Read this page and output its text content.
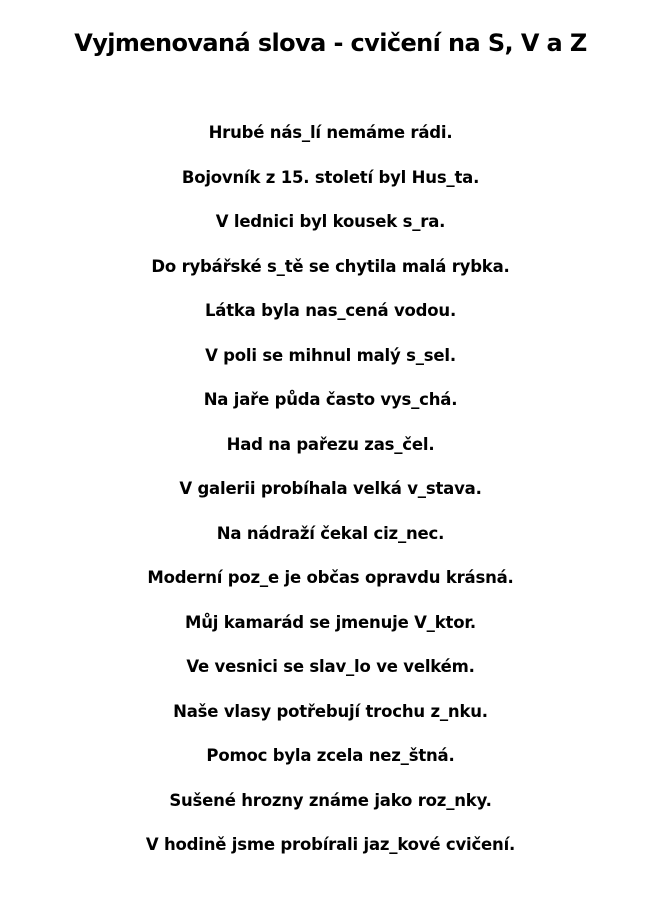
Vyjmenovaná slova - cvičení na S, V a Z
Hrubé nás_lí nemáme rádi.
Bojovník z 15. století byl Hus_ta.
V lednici byl kousek s_ra.
Do rybářské s_tě se chytila malá rybka.
Látka byla nas_cená vodou.
V poli se mihnul malý s_sel.
Na jaře půda často vys_chá.
Had na pařezu zas_čel.
V galerii probíhala velká v_stava.
Na nádraží čekal ciz_nec.
Moderní poz_e je občas opravdu krásná.
Můj kamarád se jmenuje V_ktor.
Ve vesnici se slav_lo ve velkém.
Naše vlasy potřebují trochu z_nku.
Pomoc byla zcela nez_štná.
Sušené hrozny známe jako roz_nky.
V hodině jsme probírali jaz_kové cvičení.
